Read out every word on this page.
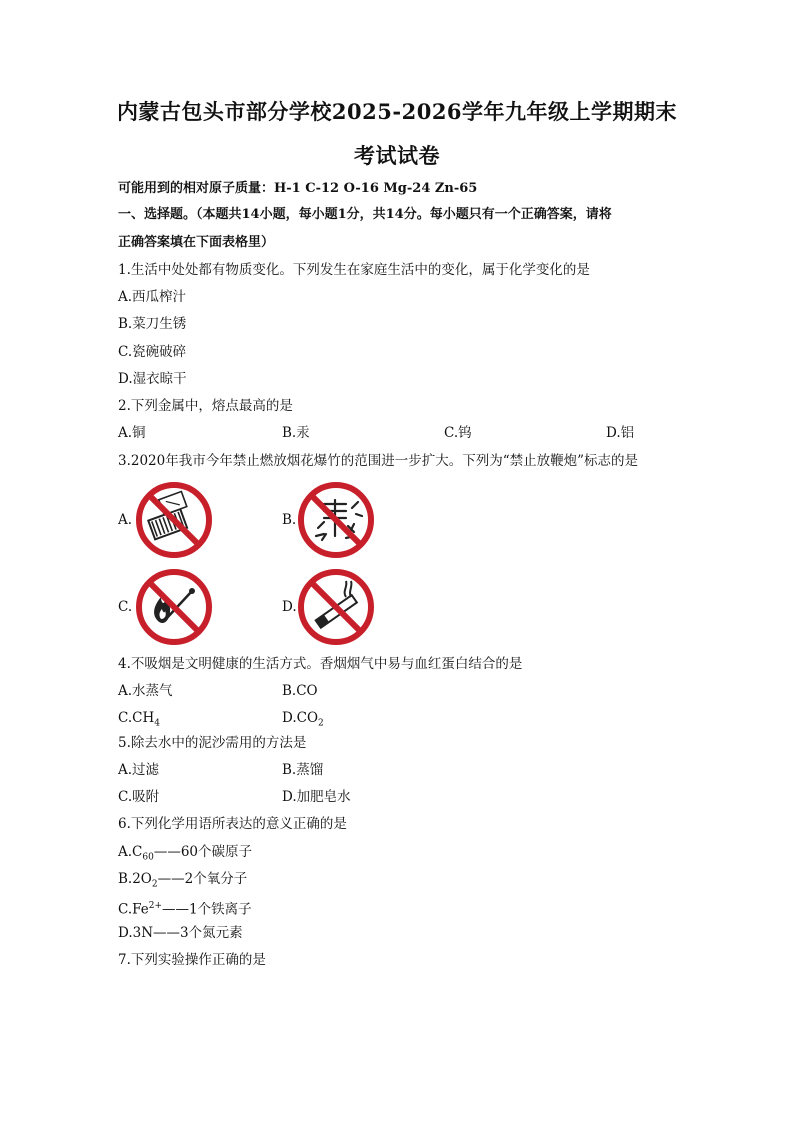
内蒙古包头市部分学校2025-2026学年九年级上学期期末
考试试卷
可能用到的相对原子质量：H-1 C-12 O-16 Mg-24 Zn-65
一、选择题。（本题共14小题，每小题1分，共14分。每小题只有一个正确答案，请将
正确答案填在下面表格里）
1.生活中处处都有物质变化。下列发生在家庭生活中的变化，属于化学变化的是
A.西瓜榨汁
B.菜刀生锈
C.瓷碗破碎
D.湿衣晾干
2.下列金属中，熔点最高的是
A.铜	B.汞	C.钨	D.铝
3.2020年我市今年禁止燃放烟花爆竹的范围进一步扩大。下列为“禁止放鞭炮”标志的是
A.	B.
C.	D.
4.不吸烟是文明健康的生活方式。香烟烟气中易与血红蛋白结合的是
A.水蒸气	B.CO
$C.CH_4$	$D.CO_2$
5.除去水中的泥沙需用的方法是
A.过滤	B.蒸馏
C.吸附	D.加肥皂水
6.下列化学用语所表达的意义正确的是
$A.C_{60}——60$个碳原子
$B.2O_2——2$个氧分子
$C.Fe^{2+}——1$个铁离子
D.3N——3个氮元素
7.下列实验操作正确的是
